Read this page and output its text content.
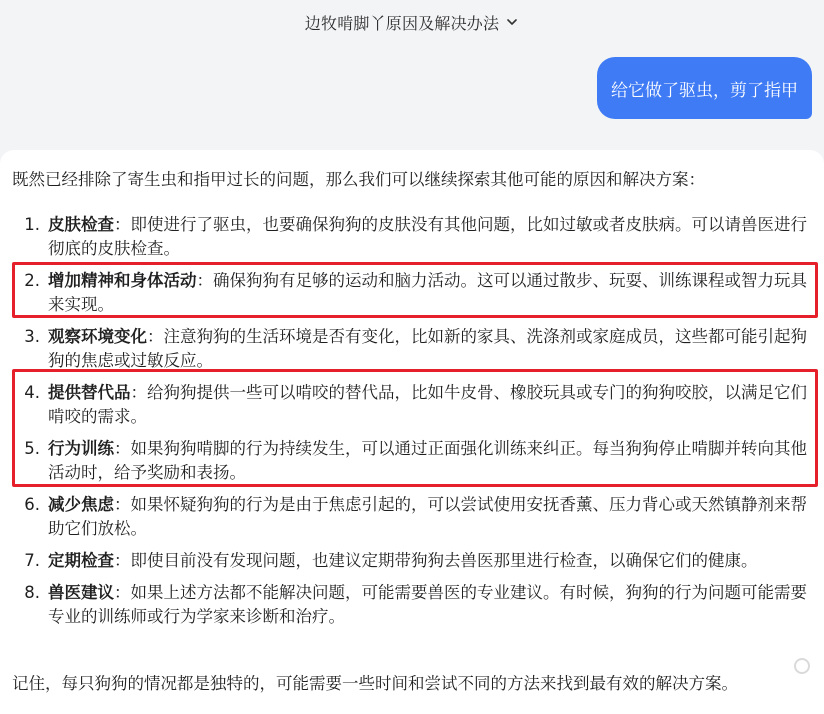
边牧啃脚丫原因及解决办法
给它做了驱虫，剪了指甲
既然已经排除了寄生虫和指甲过长的问题，那么我们可以继续探索其他可能的原因和解决方案：
1. 皮肤检查：即使进行了驱虫，也要确保狗狗的皮肤没有其他问题，比如过敏或者皮肤病。可以请兽医进行彻底的皮肤检查。
2. 增加精神和身体活动：确保狗狗有足够的运动和脑力活动。这可以通过散步、玩耍、训练课程或智力玩具来实现。
3. 观察环境变化：注意狗狗的生活环境是否有变化，比如新的家具、洗涤剂或家庭成员，这些都可能引起狗狗的焦虑或过敏反应。
4. 提供替代品：给狗狗提供一些可以啃咬的替代品，比如牛皮骨、橡胶玩具或专门的狗狗咬胶，以满足它们啃咬的需求。
5. 行为训练：如果狗狗啃脚的行为持续发生，可以通过正面强化训练来纠正。每当狗狗停止啃脚并转向其他活动时，给予奖励和表扬。
6. 减少焦虑：如果怀疑狗狗的行为是由于焦虑引起的，可以尝试使用安抚香薰、压力背心或天然镇静剂来帮助它们放松。
7. 定期检查：即使目前没有发现问题，也建议定期带狗狗去兽医那里进行检查，以确保它们的健康。
8. 兽医建议：如果上述方法都不能解决问题，可能需要兽医的专业建议。有时候，狗狗的行为问题可能需要专业的训练师或行为学家来诊断和治疗。
记住，每只狗狗的情况都是独特的，可能需要一些时间和尝试不同的方法来找到最有效的解决方案。
